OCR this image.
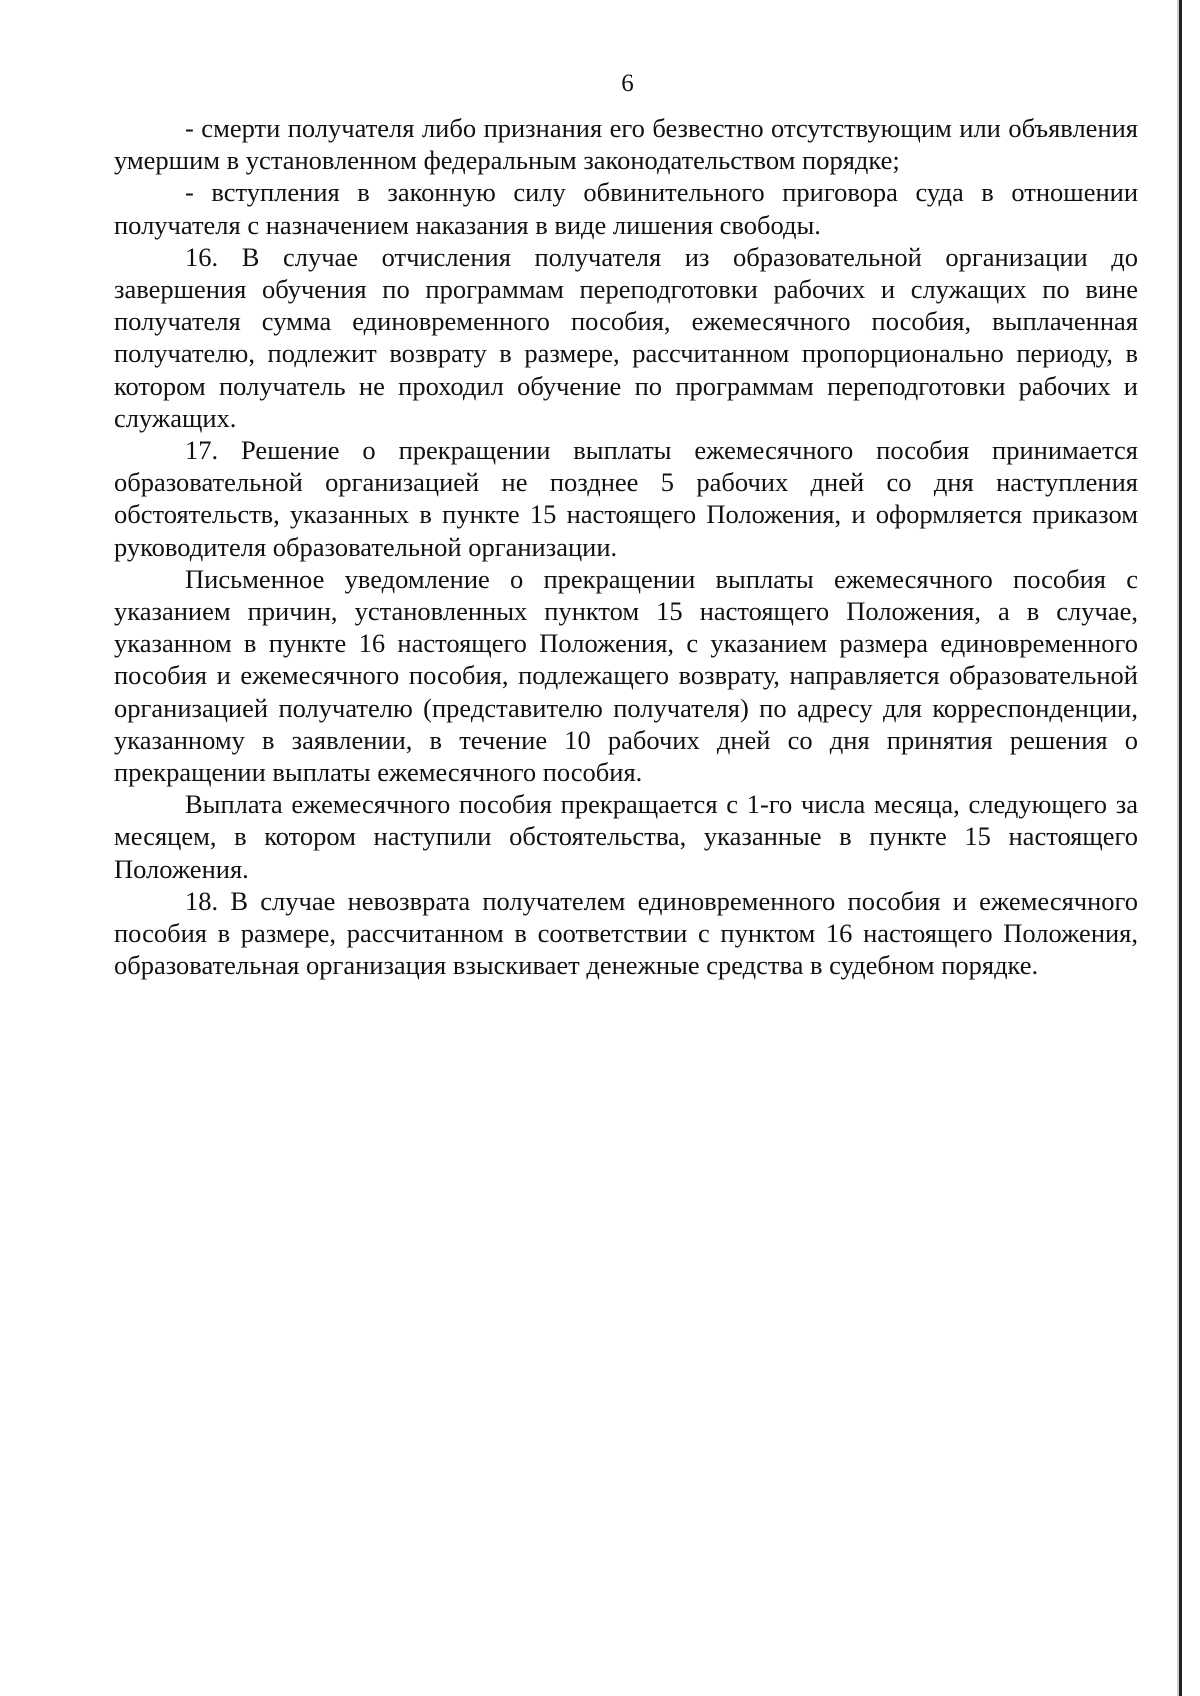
6

- смерти получателя либо признания его безвестно отсутствующим или объявления умершим в установленном федеральным законодательством порядке;

- вступления в законную силу обвинительного приговора суда в отношении получателя с назначением наказания в виде лишения свободы.

16. В случае отчисления получателя из образовательной организации до завершения обучения по программам переподготовки рабочих и служащих по вине получателя сумма единовременного пособия, ежемесячного пособия, выплаченная получателю, подлежит возврату в размере, рассчитанном пропорционально периоду, в котором получатель не проходил обучение по программам переподготовки рабочих и служащих.

17. Решение о прекращении выплаты ежемесячного пособия принимается образовательной организацией не позднее 5 рабочих дней со дня наступления обстоятельств, указанных в пункте 15 настоящего Положения, и оформляется приказом руководителя образовательной организации.

Письменное уведомление о прекращении выплаты ежемесячного пособия с указанием причин, установленных пунктом 15 настоящего Положения, а в случае, указанном в пункте 16 настоящего Положения, с указанием размера единовременного пособия и ежемесячного пособия, подлежащего возврату, направляется образовательной организацией получателю (представителю получателя) по адресу для корреспонденции, указанному в заявлении, в течение 10 рабочих дней со дня принятия решения о прекращении выплаты ежемесячного пособия.

Выплата ежемесячного пособия прекращается с 1-го числа месяца, следующего за месяцем, в котором наступили обстоятельства, указанные в пункте 15 настоящего Положения.

18. В случае невозврата получателем единовременного пособия и ежемесячного пособия в размере, рассчитанном в соответствии с пунктом 16 настоящего Положения, образовательная организация взыскивает денежные средства в судебном порядке.
